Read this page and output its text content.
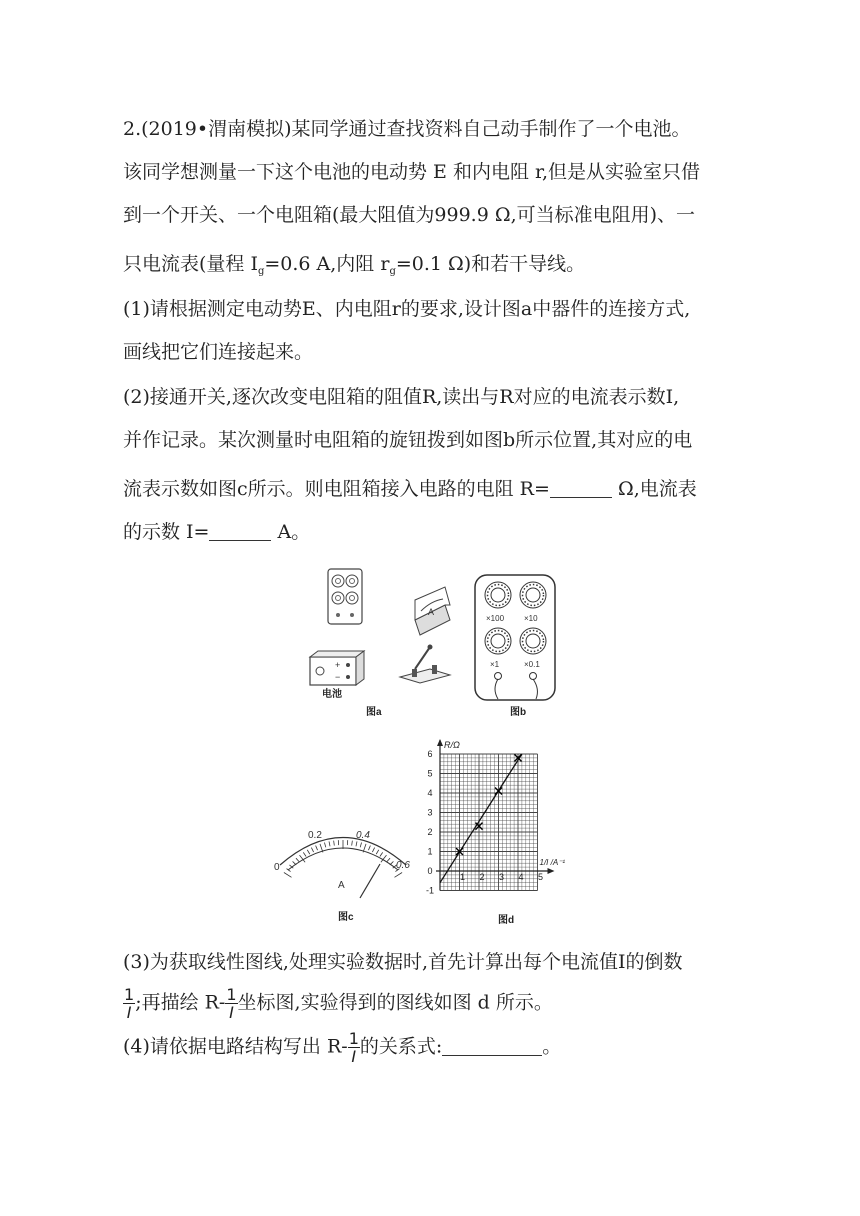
2.(2019•渭南模拟)某同学通过查找资料自己动手制作了一个电池。
该同学想测量一下这个电池的电动势 E 和内电阻 r,但是从实验室只借
到一个开关、一个电阻箱(最大阻值为999.9 Ω,可当标准电阻用)、一
只电流表(量程 $I_g=0.6$ A,内阻 $r_g=0.1$ Ω)和若干导线。
(1)请根据测定电动势E、内电阻r的要求,设计图a中器件的连接方式,
画线把它们连接起来。
(2)接通开关,逐次改变电阻箱的阻值R,读出与R对应的电流表示数I,
并作记录。某次测量时电阻箱的旋钮拨到如图b所示位置,其对应的电
流表示数如图c所示。则电阻箱接入电路的电阻 R=	Ω,电流表
的示数 I=	A。
A
+
−
电池
图a
×100 ×10
×1	×0.1
图b
0
0.2	0.4
0.6
A
图c
-1
1
2
3
4
5
6
0
1 2 3 4 5
R/Ω
1/I /A⁻¹
图d
(3)为获取线性图线,处理实验数据时,首先计算出每个电流值I的倒数
$\frac{1}{I}$ ;再描绘 $R- \frac{1}{I}$ 坐标图,实验得到的图线如图 d 所示。
(4)请依据电路结构写出 $R- \frac{1}{I}$ 的关系式:	。
